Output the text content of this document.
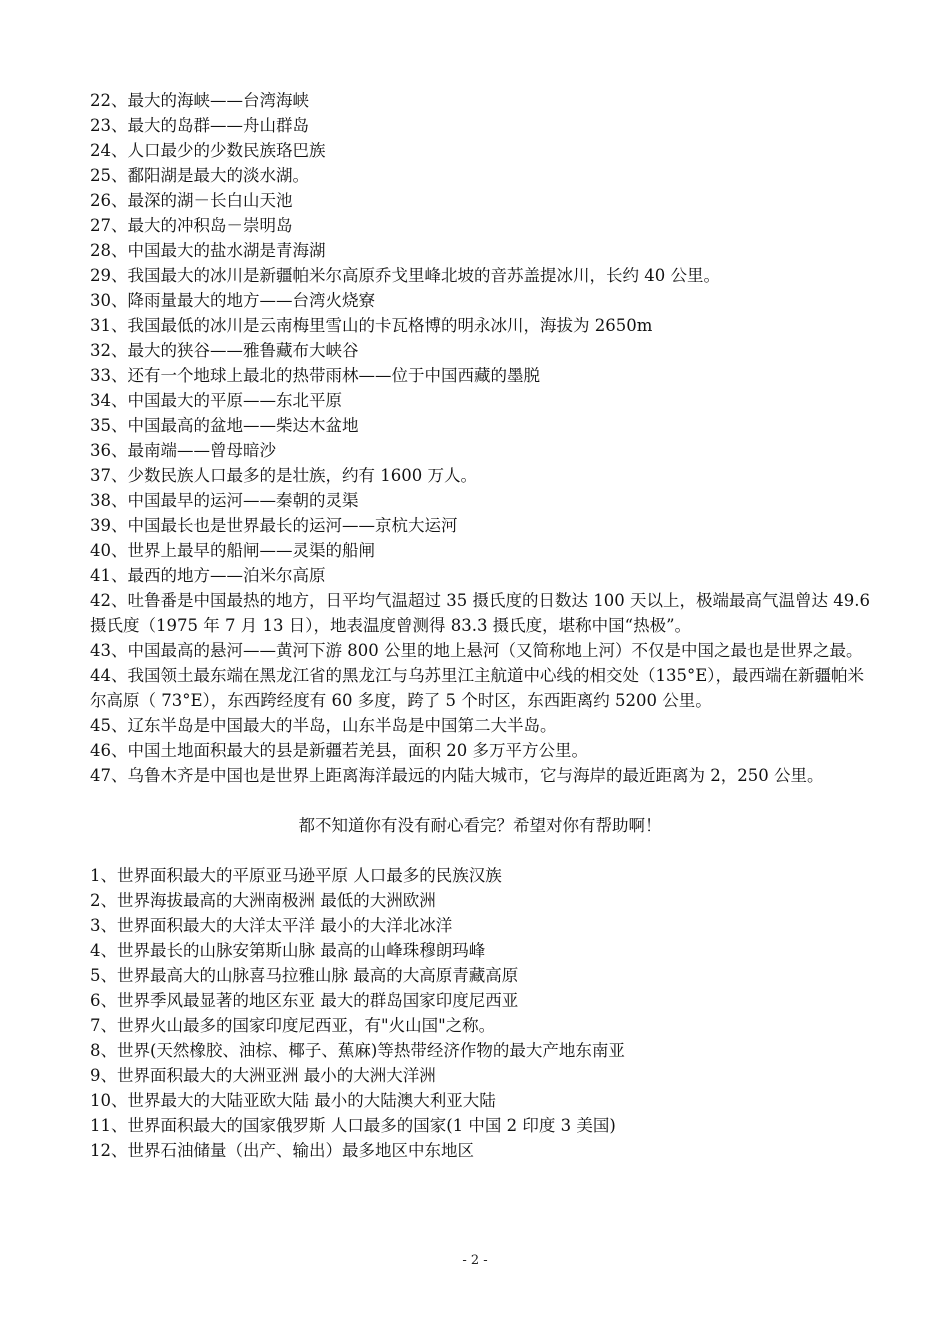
22、最大的海峡——台湾海峡

23、最大的岛群——舟山群岛

24、人口最少的少数民族珞巴族

25、鄱阳湖是最大的淡水湖。

26、最深的湖－长白山天池

27、最大的冲积岛－崇明岛

28、中国最大的盐水湖是青海湖

29、我国最大的冰川是新疆帕米尔高原乔戈里峰北坡的音苏盖提冰川，长约 40 公里。

30、降雨量最大的地方——台湾火烧寮

31、我国最低的冰川是云南梅里雪山的卡瓦格博的明永冰川，海拔为 2650m

32、最大的狭谷——雅鲁藏布大峡谷

33、还有一个地球上最北的热带雨林——位于中国西藏的墨脱

34、中国最大的平原——东北平原

35、中国最高的盆地——柴达木盆地

36、最南端——曾母暗沙

37、少数民族人口最多的是壮族，约有 1600 万人。

38、中国最早的运河——秦朝的灵渠

39、中国最长也是世界最长的运河——京杭大运河

40、世界上最早的船闸——灵渠的船闸

41、最西的地方——泊米尔高原

42、吐鲁番是中国最热的地方，日平均气温超过 35 摄氏度的日数达 100 天以上，极端最高气温曾达 49.6 摄氏度（1975 年 7 月 13 日），地表温度曾测得 83.3 摄氏度，堪称中国“热极”。

43、中国最高的悬河——黄河下游 800 公里的地上悬河（又简称地上河）不仅是中国之最也是世界之最。

44、我国领土最东端在黑龙江省的黑龙江与乌苏里江主航道中心线的相交处（135°E），最西端在新疆帕米尔高原（ 73°E），东西跨经度有 60 多度，跨了 5 个时区，东西距离约 5200 公里。

45、辽东半岛是中国最大的半岛，山东半岛是中国第二大半岛。

46、中国土地面积最大的县是新疆若羌县，面积 20 多万平方公里。

47、乌鲁木齐是中国也是世界上距离海洋最远的内陆大城市，它与海岸的最近距离为 2，250 公里。

都不知道你有没有耐心看完？希望对你有帮助啊！

1、世界面积最大的平原亚马逊平原 人口最多的民族汉族

2、世界海拔最高的大洲南极洲 最低的大洲欧洲

3、世界面积最大的大洋太平洋 最小的大洋北冰洋

4、世界最长的山脉安第斯山脉 最高的山峰珠穆朗玛峰

5、世界最高大的山脉喜马拉雅山脉 最高的大高原青藏高原

6、世界季风最显著的地区东亚 最大的群岛国家印度尼西亚

7、世界火山最多的国家印度尼西亚，有"火山国"之称。

8、世界(天然橡胶、油棕、椰子、蕉麻)等热带经济作物的最大产地东南亚

9、世界面积最大的大洲亚洲 最小的大洲大洋洲

10、世界最大的大陆亚欧大陆 最小的大陆澳大利亚大陆

11、世界面积最大的国家俄罗斯 人口最多的国家(1 中国 2 印度 3 美国)

12、世界石油储量（出产、输出）最多地区中东地区

- 2 -
